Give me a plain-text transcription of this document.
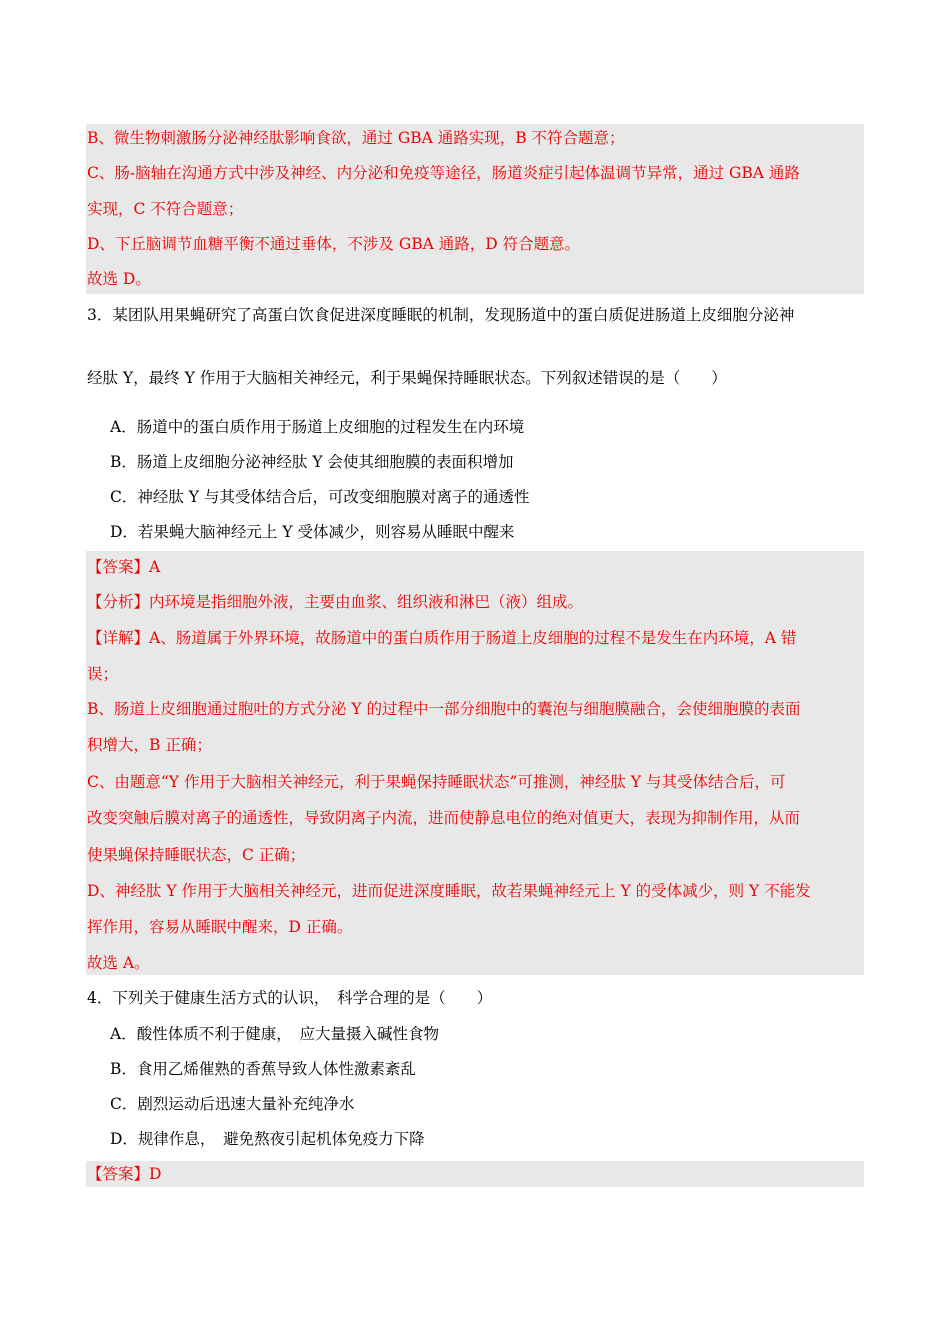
B、微生物刺激肠分泌神经肽影响食欲，通过 GBA 通路实现，B 不符合题意；
C、肠-脑轴在沟通方式中涉及神经、内分泌和免疫等途径，肠道炎症引起体温调节异常，通过 GBA 通路
实现，C 不符合题意；
D、下丘脑调节血糖平衡不通过垂体，不涉及 GBA 通路，D 符合题意。
故选 D。
3．某团队用果蝇研究了高蛋白饮食促进深度睡眠的机制，发现肠道中的蛋白质促进肠道上皮细胞分泌神
经肽 Y，最终 Y 作用于大脑相关神经元，利于果蝇保持睡眠状态。下列叙述错误的是（　　）
A．肠道中的蛋白质作用于肠道上皮细胞的过程发生在内环境
B．肠道上皮细胞分泌神经肽 Y 会使其细胞膜的表面积增加
C．神经肽 Y 与其受体结合后，可改变细胞膜对离子的通透性
D．若果蝇大脑神经元上 Y 受体减少，则容易从睡眠中醒来
【答案】A
【分析】内环境是指细胞外液，主要由血浆、组织液和淋巴（液）组成。
【详解】A、肠道属于外界环境，故肠道中的蛋白质作用于肠道上皮细胞的过程不是发生在内环境，A 错
误；
B、肠道上皮细胞通过胞吐的方式分泌 Y 的过程中一部分细胞中的囊泡与细胞膜融合，会使细胞膜的表面
积增大，B 正确；
C、由题意“Y 作用于大脑相关神经元，利于果蝇保持睡眠状态”可推测，神经肽 Y 与其受体结合后，可
改变突触后膜对离子的通透性，导致阴离子内流，进而使静息电位的绝对值更大，表现为抑制作用，从而
使果蝇保持睡眠状态，C 正确；
D、神经肽 Y 作用于大脑相关神经元，进而促进深度睡眠，故若果蝇神经元上 Y 的受体减少，则 Y 不能发
挥作用，容易从睡眠中醒来，D 正确。
故选 A。
4．下列关于健康生活方式的认识，　科学合理的是（　　）
A．酸性体质不利于健康，　应大量摄入碱性食物
B．食用乙烯催熟的香蕉导致人体性激素紊乱
C．剧烈运动后迅速大量补充纯净水
D．规律作息，　避免熬夜引起机体免疫力下降
【答案】D
